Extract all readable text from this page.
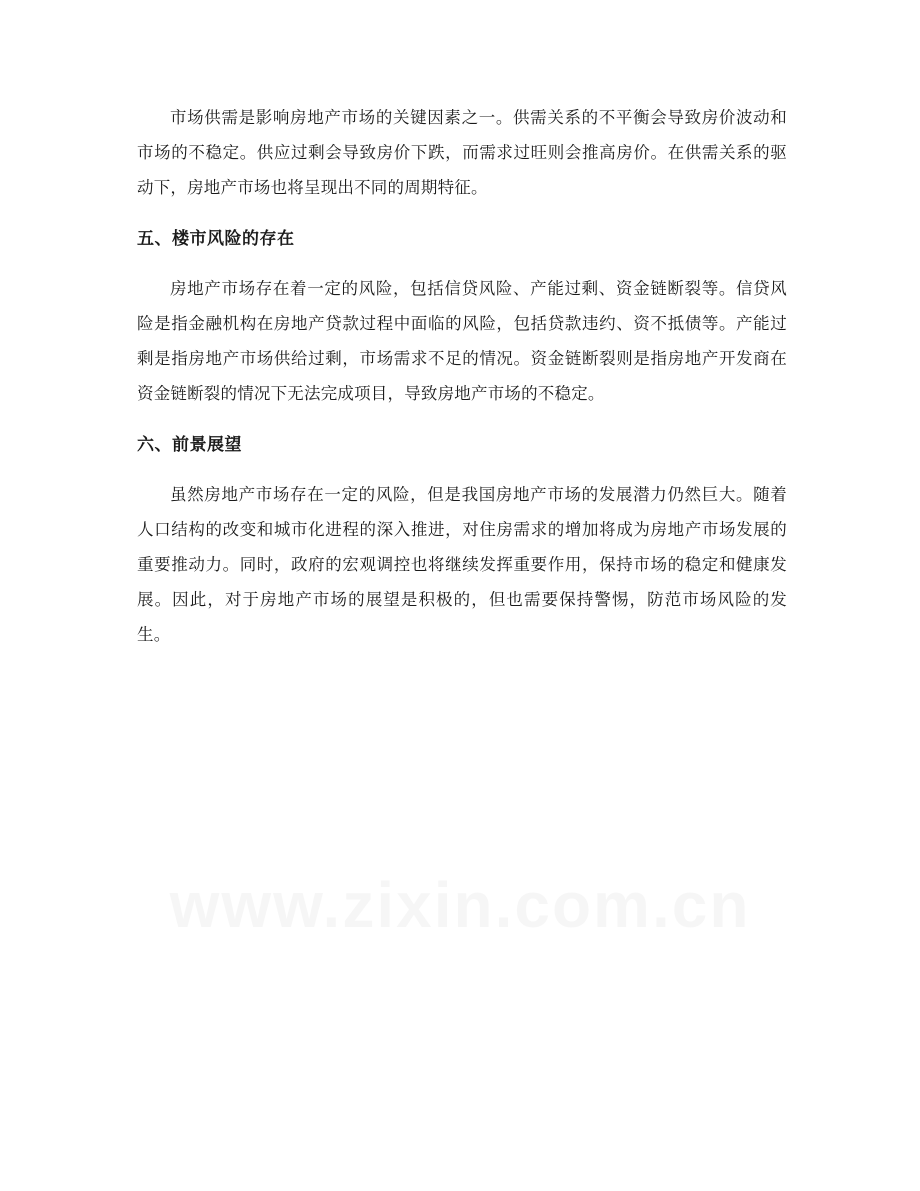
市场供需是影响房地产市场的关键因素之一。供需关系的不平衡会导致房价波动和市场的不稳定。供应过剩会导致房价下跌，而需求过旺则会推高房价。在供需关系的驱动下，房地产市场也将呈现出不同的周期特征。

五、楼市风险的存在

房地产市场存在着一定的风险，包括信贷风险、产能过剩、资金链断裂等。信贷风险是指金融机构在房地产贷款过程中面临的风险，包括贷款违约、资不抵债等。产能过剩是指房地产市场供给过剩，市场需求不足的情况。资金链断裂则是指房地产开发商在资金链断裂的情况下无法完成项目，导致房地产市场的不稳定。

六、前景展望

虽然房地产市场存在一定的风险，但是我国房地产市场的发展潜力仍然巨大。随着人口结构的改变和城市化进程的深入推进，对住房需求的增加将成为房地产市场发展的重要推动力。同时，政府的宏观调控也将继续发挥重要作用，保持市场的稳定和健康发展。因此，对于房地产市场的展望是积极的，但也需要保持警惕，防范市场风险的发生。
